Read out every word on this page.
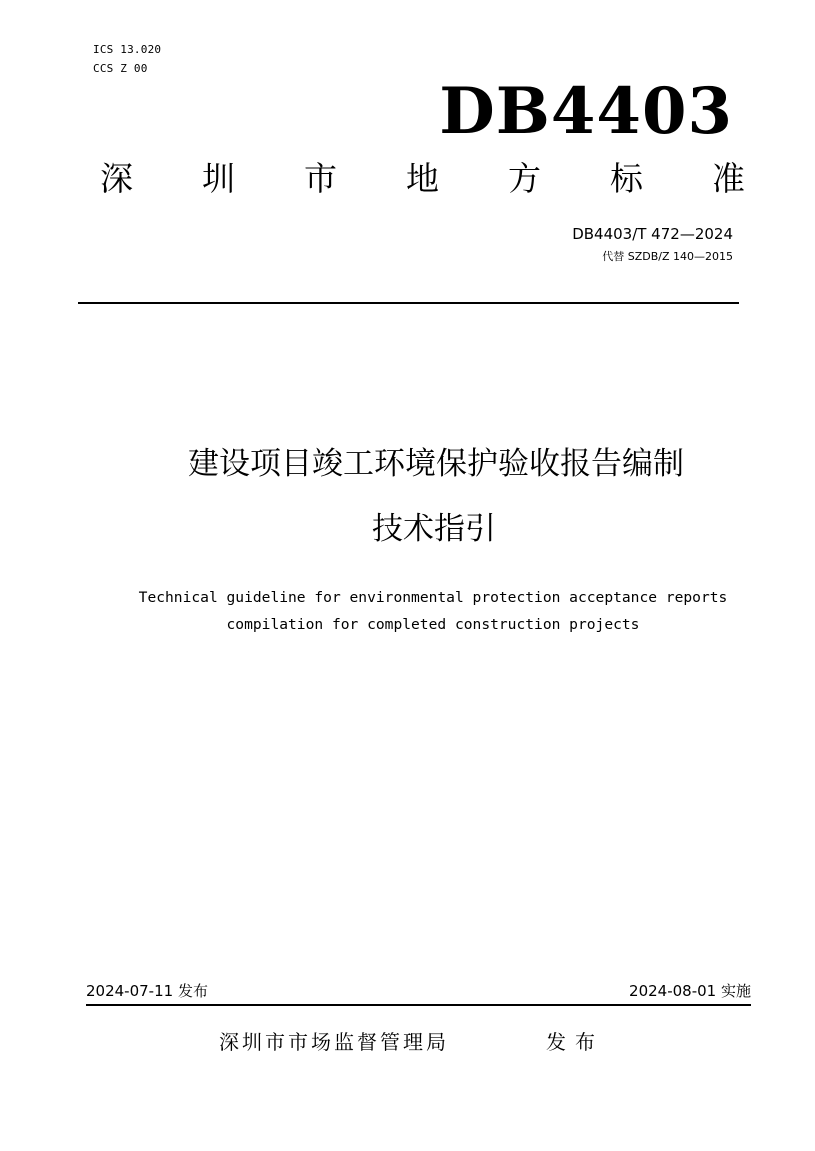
ICS 13.020
CCS Z 00
DB4403
深 圳 市 地 方 标 准
DB4403/T 472—2024
代替 SZDB/Z 140—2015
建设项目竣工环境保护验收报告编制
技术指引
Technical guideline for environmental protection acceptance reports
compilation for completed construction projects
2024-07-11 发布	2024-08-01 实施
深圳市市场监督管理局	发布
